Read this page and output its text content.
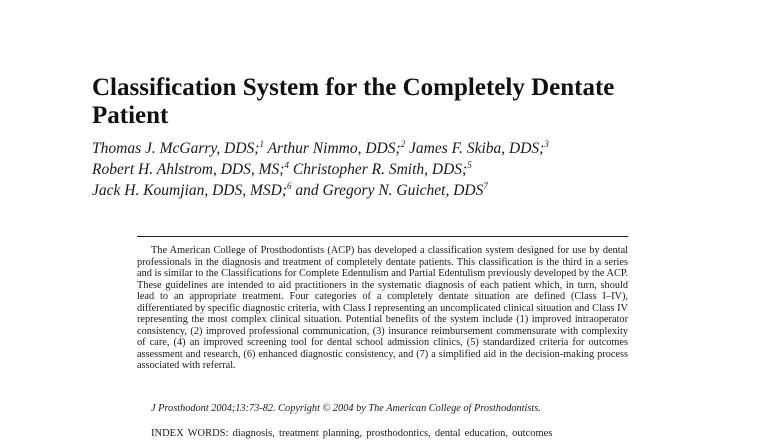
Classification System for the Completely Dentate Patient
Thomas J. McGarry, DDS;$^1$ Arthur Nimmo, DDS;$^2$ James F. Skiba, DDS;$^3$
Robert H. Ahlstrom, DDS, MS;$^4$ Christopher R. Smith, DDS;$^5$
Jack H. Koumjian, DDS, MSD;$^6$ and Gregory N. Guichet, DDS$^7$

The American College of Prosthodontists (ACP) has developed a classification system designed for use by dental professionals in the diagnosis and treatment of completely dentate patients. This classification is the third in a series and is similar to the Classifications for Complete Edentulism and Partial Edentulism previously developed by the ACP. These guidelines are intended to aid practitioners in the systematic diagnosis of each patient which, in turn, should lead to an appropriate treatment. Four categories of a completely dentate situation are defined (Class I–IV), differentiated by specific diagnostic criteria, with Class I representing an uncomplicated clinical situation and Class IV representing the most complex clinical situation. Potential benefits of the system include (1) improved intraoperator consistency, (2) improved professional communication, (3) insurance reimbursement commensurate with complexity of care, (4) an improved screening tool for dental school admission clinics, (5) standardized criteria for outcomes assessment and research, (6) enhanced diagnostic consistency, and (7) a simplified aid in the decision-making process associated with referral.

J Prosthodont 2004;13:73-82. Copyright © 2004 by The American College of Prosthodontists.
INDEX WORDS: diagnosis, treatment planning, prosthodontics, dental education, outcomes
